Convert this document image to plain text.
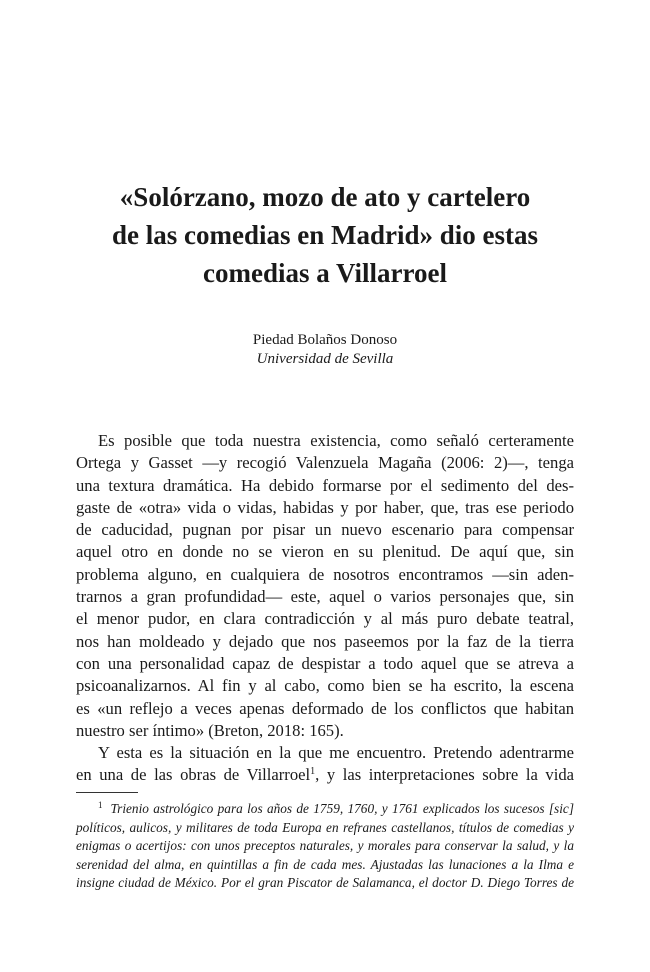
«Solórzano, mozo de ato y cartelero
de las comedias en Madrid» dio estas
comedias a Villarroel
Piedad Bolaños Donoso
Universidad de Sevilla
Es posible que toda nuestra existencia, como señaló certeramente
Ortega y Gasset —y recogió Valenzuela Magaña (2006: 2)—, tenga
una textura dramática. Ha debido formarse por el sedimento del des-
gaste de «otra» vida o vidas, habidas y por haber, que, tras ese periodo
de caducidad, pugnan por pisar un nuevo escenario para compensar
aquel otro en donde no se vieron en su plenitud. De aquí que, sin
problema alguno, en cualquiera de nosotros encontramos —sin aden-
trarnos a gran profundidad— este, aquel o varios personajes que, sin
el menor pudor, en clara contradicción y al más puro debate teatral,
nos han moldeado y dejado que nos paseemos por la faz de la tierra
con una personalidad capaz de despistar a todo aquel que se atreva a
psicoanalizarnos. Al fin y al cabo, como bien se ha escrito, la escena
es «un reflejo a veces apenas deformado de los conflictos que habitan
nuestro ser íntimo» (Breton, 2018: 165).
Y esta es la situación en la que me encuentro. Pretendo adentrarme
en una de las obras de Villarroel$^1$, y las interpretaciones sobre la vida
$^1$ Trienio astrológico para los años de 1759, 1760, y 1761 explicados los sucesos [sic]
políticos, aulicos, y militares de toda Europa en refranes castellanos, títulos de comedias y
enigmas o acertijos: con unos preceptos naturales, y morales para conservar la salud, y la
serenidad del alma, en quintillas a fin de cada mes. Ajustadas las lunaciones a la Ilma e
insigne ciudad de México. Por el gran Piscator de Salamanca, el doctor D. Diego Torres de
